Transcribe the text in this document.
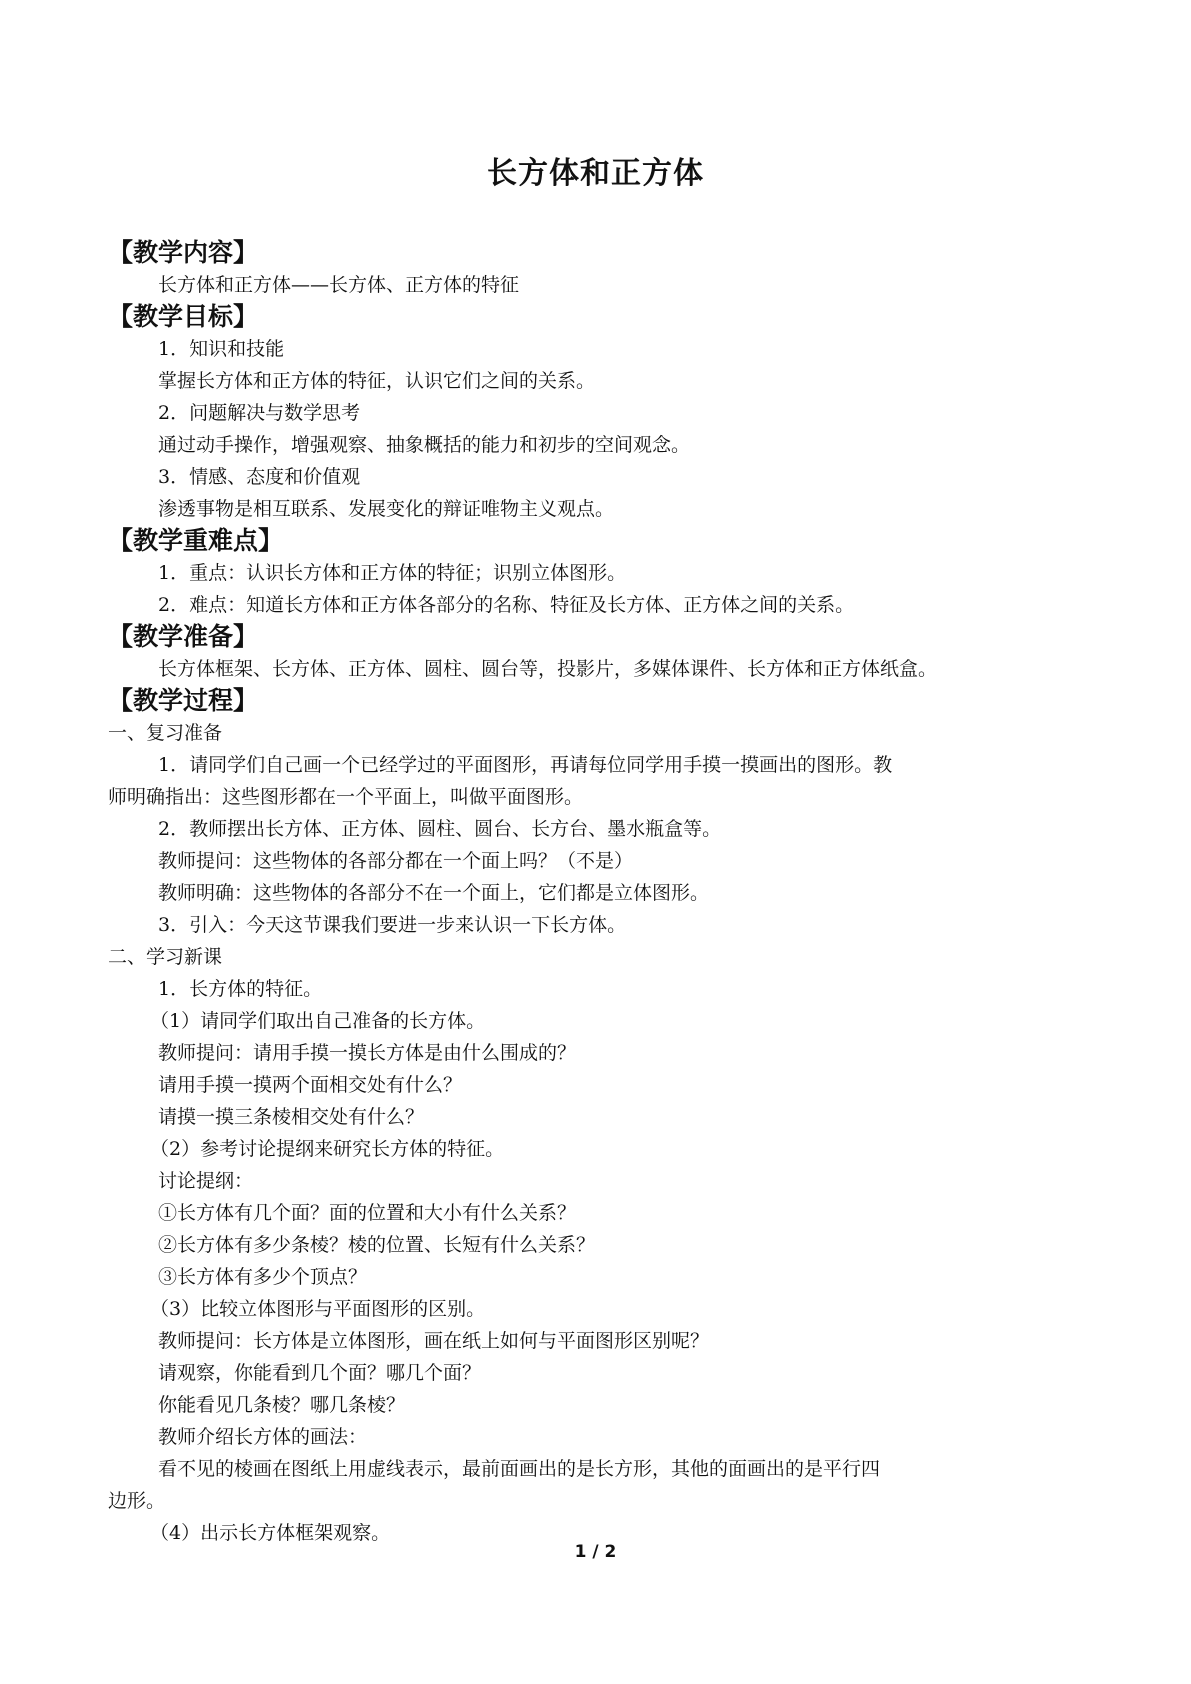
长方体和正方体
【教学内容】
长方体和正方体——长方体、正方体的特征
【教学目标】
1．知识和技能
掌握长方体和正方体的特征，认识它们之间的关系。
2．问题解决与数学思考
通过动手操作，增强观察、抽象概括的能力和初步的空间观念。
3．情感、态度和价值观
渗透事物是相互联系、发展变化的辩证唯物主义观点。
【教学重难点】
1．重点：认识长方体和正方体的特征；识别立体图形。
2．难点：知道长方体和正方体各部分的名称、特征及长方体、正方体之间的关系。
【教学准备】
长方体框架、长方体、正方体、圆柱、圆台等，投影片，多媒体课件、长方体和正方体纸盒。
【教学过程】
一、复习准备
1．请同学们自己画一个已经学过的平面图形，再请每位同学用手摸一摸画出的图形。教
师明确指出：这些图形都在一个平面上，叫做平面图形。
2．教师摆出长方体、正方体、圆柱、圆台、长方台、墨水瓶盒等。
教师提问：这些物体的各部分都在一个面上吗？（不是）
教师明确：这些物体的各部分不在一个面上，它们都是立体图形。
3．引入：今天这节课我们要进一步来认识一下长方体。
二、学习新课
1．长方体的特征。
（1）请同学们取出自己准备的长方体。
教师提问：请用手摸一摸长方体是由什么围成的？
请用手摸一摸两个面相交处有什么？
请摸一摸三条棱相交处有什么？
（2）参考讨论提纲来研究长方体的特征。
讨论提纲：
①长方体有几个面？面的位置和大小有什么关系？
②长方体有多少条棱？棱的位置、长短有什么关系？
③长方体有多少个顶点？
（3）比较立体图形与平面图形的区别。
教师提问：长方体是立体图形，画在纸上如何与平面图形区别呢？
请观察，你能看到几个面？哪几个面？
你能看见几条棱？哪几条棱？
教师介绍长方体的画法：
看不见的棱画在图纸上用虚线表示，最前面画出的是长方形，其他的面画出的是平行四
边形。
（4）出示长方体框架观察。
1 / 2
